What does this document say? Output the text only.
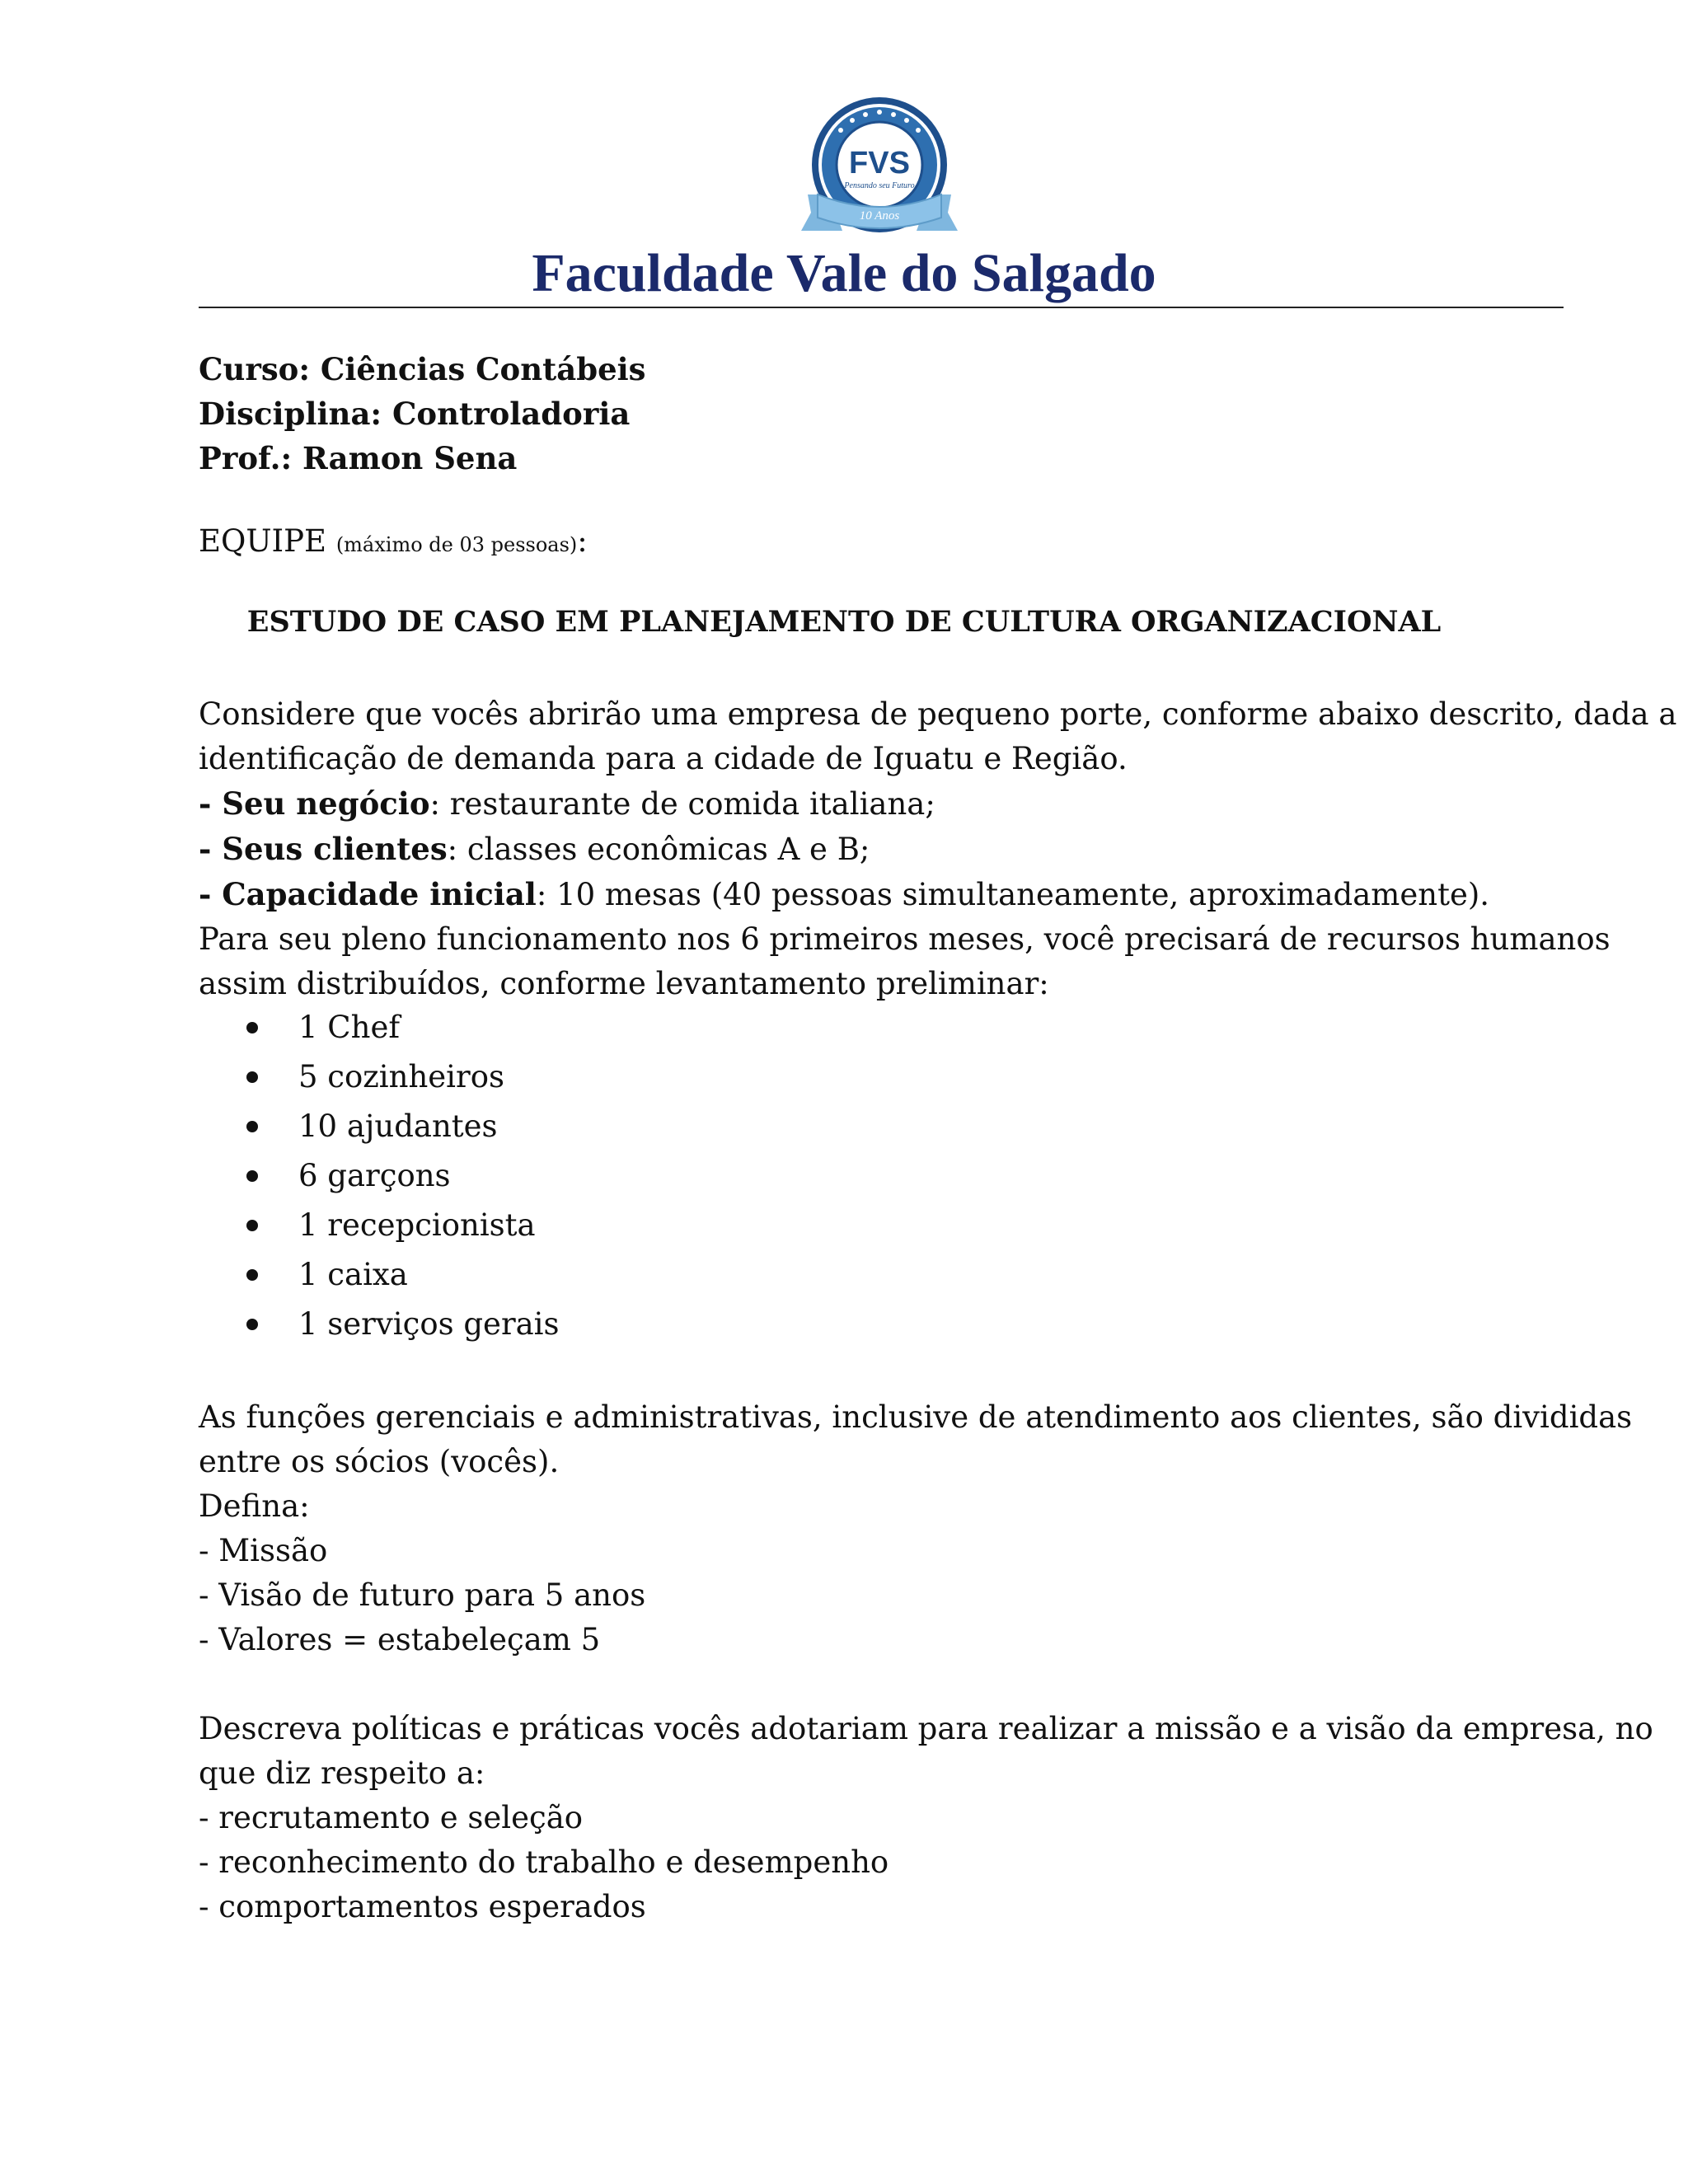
FVS
Pensando seu Futuro
10 Anos
Faculdade Vale do Salgado
Curso: Ciências Contábeis
Disciplina: Controladoria
Prof.: Ramon Sena
EQUIPE (máximo de 03 pessoas):
ESTUDO DE CASO EM PLANEJAMENTO DE CULTURA ORGANIZACIONAL
Considere que vocês abrirão uma empresa de pequeno porte, conforme abaixo descrito, dada a
identificação de demanda para a cidade de Iguatu e Região.
- Seu negócio: restaurante de comida italiana;
- Seus clientes: classes econômicas A e B;
- Capacidade inicial: 10 mesas (40 pessoas simultaneamente, aproximadamente).
Para seu pleno funcionamento nos 6 primeiros meses, você precisará de recursos humanos
assim distribuídos, conforme levantamento preliminar:
1 Chef
5 cozinheiros
10 ajudantes
6 garçons
1 recepcionista
1 caixa
1 serviços gerais
As funções gerenciais e administrativas, inclusive de atendimento aos clientes, são divididas
entre os sócios (vocês).
Defina:
- Missão
- Visão de futuro para 5 anos
- Valores = estabeleçam 5
Descreva políticas e práticas vocês adotariam para realizar a missão e a visão da empresa, no
que diz respeito a:
- recrutamento e seleção
- reconhecimento do trabalho e desempenho
- comportamentos esperados
